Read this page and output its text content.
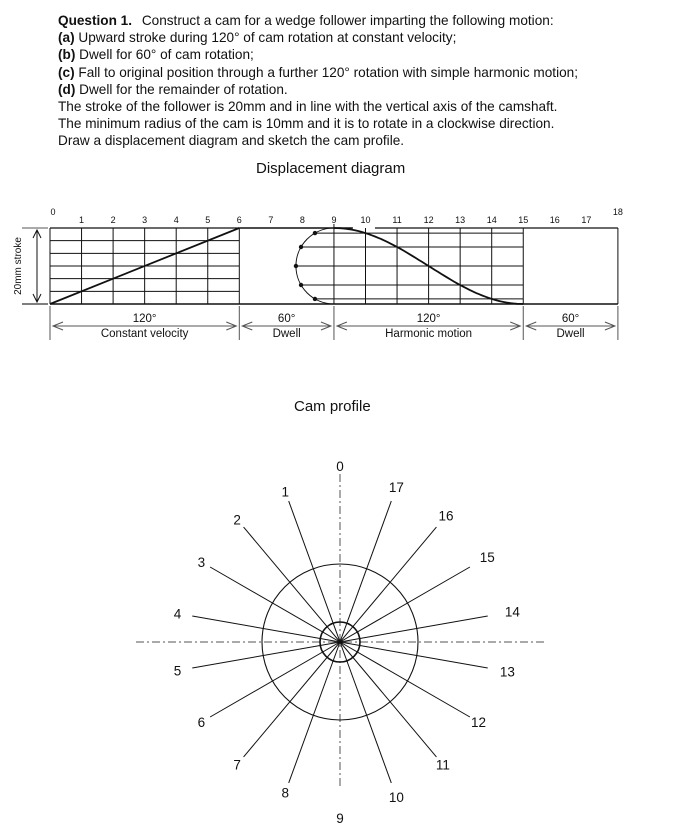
Question 1. Construct a cam for a wedge follower imparting the following motion:

(a) Upward stroke during 120° of cam rotation at constant velocity;

(b) Dwell for 60° of cam rotation;

(c) Fall to original position through a further 120° rotation with simple harmonic motion;

(d) Dwell for the remainder of rotation.

The stroke of the follower is 20mm and in line with the vertical axis of the camshaft.

The minimum radius of the cam is 10mm and it is to rotate in a clockwise direction.

Draw a displacement diagram and sketch the cam profile.

Displacement diagram
Cam profile
0
1	2	3	4	5	6	7	8	9	10 11 12 13 14 15 16 17
18
20mm stroke
120°
Constant velocity
60°
Dwell
120°
Harmonic motion
60°
Dwell
0
1
2
3
4
5
6
7
8
9
10
11
12
13
14
15
16
17
